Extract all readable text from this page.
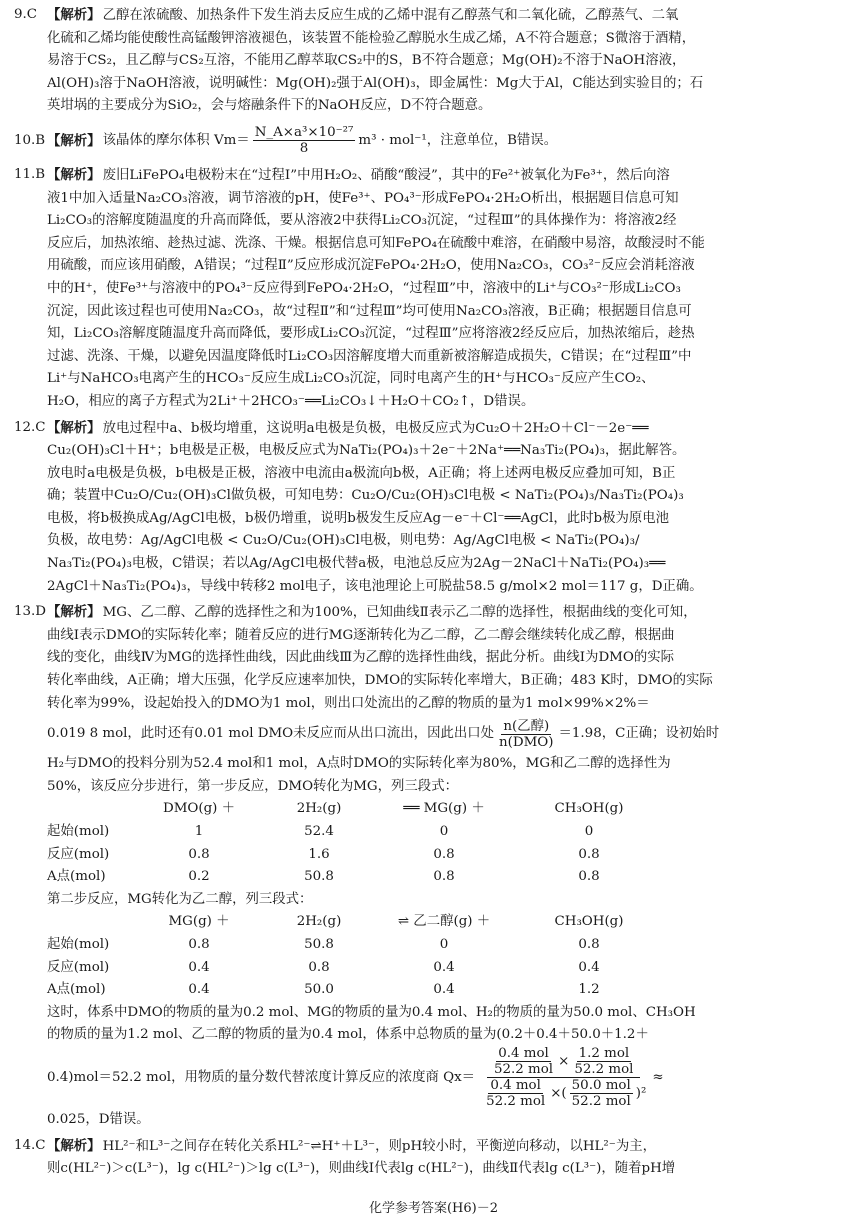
9.C 【解析】 乙醇在浓硫酸、加热条件下发生消去反应生成的乙烯中混有乙醇蒸气和二氧化硫，乙醇蒸气、二氧

化硫和乙烯均能使酸性高锰酸钾溶液褪色，该装置不能检验乙醇脱水生成乙烯，A不符合题意；S微溶于酒精，

易溶于CS₂，且乙醇与CS₂互溶，不能用乙醇萃取CS₂中的S，B不符合题意；Mg(OH)₂不溶于NaOH溶液，

Al(OH)₃溶于NaOH溶液，说明碱性：Mg(OH)₂强于Al(OH)₃，即金属性：Mg大于Al，C能达到实验目的；石

英坩埚的主要成分为SiO₂，会与熔融条件下的NaOH反应，D不符合题意。

10.B 【解析】 该晶体的摩尔体积 $Vm= \frac{\text{N\_A×a³×10⁻²⁷}}{8} m^3 \cdot mol^{-1}$，注意单位，B错误。
11.B 【解析】 废旧LiFePO₄电极粉末在“过程Ⅰ”中用H₂O₂、硝酸“酸浸”，其中的Fe²⁺被氧化为Fe³⁺，然后向溶

液1中加入适量Na₂CO₃溶液，调节溶液的pH，使Fe³⁺、PO₄³⁻形成FePO₄·2H₂O析出，根据题目信息可知

Li₂CO₃的溶解度随温度的升高而降低，要从溶液2中获得Li₂CO₃沉淀，“过程Ⅲ”的具体操作为：将溶液2经

反应后，加热浓缩、趁热过滤、洗涤、干燥。根据信息可知FePO₄在硫酸中难溶，在硝酸中易溶，故酸浸时不能

用硫酸，而应该用硝酸，A错误；“过程Ⅱ”反应形成沉淀FePO₄·2H₂O，使用Na₂CO₃，CO₃²⁻反应会消耗溶液

中的H⁺，使Fe³⁺与溶液中的PO₄³⁻反应得到FePO₄·2H₂O，“过程Ⅲ”中，溶液中的Li⁺与CO₃²⁻形成Li₂CO₃

沉淀，因此该过程也可使用Na₂CO₃，故“过程Ⅱ”和“过程Ⅲ”均可使用Na₂CO₃溶液，B正确；根据题目信息可

知，Li₂CO₃溶解度随温度升高而降低，要形成Li₂CO₃沉淀，“过程Ⅲ”应将溶液2经反应后，加热浓缩后，趁热

过滤、洗涤、干燥，以避免因温度降低时Li₂CO₃因溶解度增大而重新被溶解造成损失，C错误；在“过程Ⅲ”中

Li⁺与NaHCO₃电离产生的HCO₃⁻反应生成Li₂CO₃沉淀，同时电离产生的H⁺与HCO₃⁻反应产生CO₂、

H₂O，相应的离子方程式为2Li⁺＋2HCO₃⁻══Li₂CO₃↓＋H₂O＋CO₂↑，D错误。

12.C 【解析】 放电过程中a、b极均增重，这说明a电极是负极，电极反应式为Cu₂O＋2H₂O＋Cl⁻－2e⁻══

Cu₂(OH)₃Cl＋H⁺；b电极是正极，电极反应式为NaTi₂(PO₄)₃＋2e⁻＋2Na⁺══Na₃Ti₂(PO₄)₃，据此解答。

放电时a电极是负极，b电极是正极，溶液中电流由a极流向b极，A正确；将上述两电极反应叠加可知，B正

确；装置中Cu₂O/Cu₂(OH)₃Cl做负极，可知电势：Cu₂O/Cu₂(OH)₃Cl电极 < NaTi₂(PO₄)₃/Na₃Ti₂(PO₄)₃

电极，将b极换成Ag/AgCl电极，b极仍增重，说明b极发生反应Ag－e⁻＋Cl⁻══AgCl，此时b极为原电池

负极，故电势：Ag/AgCl电极 < Cu₂O/Cu₂(OH)₃Cl电极，则电势：Ag/AgCl电极 < NaTi₂(PO₄)₃/

Na₃Ti₂(PO₄)₃电极，C错误；若以Ag/AgCl电极代替a极，电池总反应为2Ag－2NaCl＋NaTi₂(PO₄)₃══

2AgCl＋Na₃Ti₂(PO₄)₃，导线中转移2 mol电子，该电池理论上可脱盐58.5 g/mol×2 mol＝117 g，D正确。

13.D 【解析】 MG、乙二醇、乙醇的选择性之和为100%，已知曲线Ⅱ表示乙二醇的选择性，根据曲线的变化可知，

曲线Ⅰ表示DMO的实际转化率；随着反应的进行MG逐渐转化为乙二醇，乙二醇会继续转化成乙醇，根据曲

线的变化，曲线Ⅳ为MG的选择性曲线，因此曲线Ⅲ为乙醇的选择性曲线，据此分析。曲线Ⅰ为DMO的实际

转化率曲线，A正确；增大压强，化学反应速率加快，DMO的实际转化率增大，B正确；483 K时，DMO的实际

转化率为99%，设起始投入的DMO为1 mol，则出口处流出的乙醇的物质的量为1 mol×99%×2%＝

0.019 8 mol，此时还有0.01 mol DMO未反应而从出口流出，因此出口处 $\frac{\text{n(乙醇)}}{\text{n(DMO)}} =1.98$，C正确；设初始时

H₂与DMO的投料分别为52.4 mol和1 mol，A点时DMO的实际转化率为80%，MG和乙二醇的选择性为

50%，该反应分步进行，第一步反应，DMO转化为MG，列三段式：

	DMO(g) ＋	2H₂(g)	══ MG(g) ＋	CH₃OH(g)
起始(mol)	1	52.4	0	0
反应(mol)	0.8	1.6	0.8	0.8
A点(mol)	0.2	50.8	0.8	0.8

第二步反应，MG转化为乙二醇，列三段式：

	MG(g) ＋	2H₂(g)	⇌ 乙二醇(g) ＋	CH₃OH(g)
起始(mol)	0.8	50.8	0	0.8
反应(mol)	0.4	0.8	0.4	0.4
A点(mol)	0.4	50.0	0.4	1.2

这时，体系中DMO的物质的量为0.2 mol、MG的物质的量为0.4 mol、H₂的物质的量为50.0 mol、CH₃OH

的物质的量为1.2 mol、乙二醇的物质的量为0.4 mol，体系中总物质的量为(0.2＋0.4＋50.0＋1.2＋

0.4)mol＝52.2 mol，用物质的量分数代替浓度计算反应的浓度商 $Qx= \frac{\text{0.4 mol}}{\text{52.2 mol}} \times \frac{\text{1.2 mol}}{\text{52.2 mol}}$
$\frac{\text{0.4 mol}}{\text{52.2 mol}}$ × ( $\frac{\text{50.0 mol}}{\text{52.2 mol}} )^2$
≈

0.025，D错误。

14.C 【解析】 HL²⁻和L³⁻之间存在转化关系HL²⁻⇌H⁺＋L³⁻，则pH较小时，平衡逆向移动，以HL²⁻为主，

则c(HL²⁻)＞c(L³⁻)，lg c(HL²⁻)＞lg c(L³⁻)，则曲线Ⅰ代表lg c(HL²⁻)，曲线Ⅱ代表lg c(L³⁻)，随着pH增

化学参考答案(H6)－2
